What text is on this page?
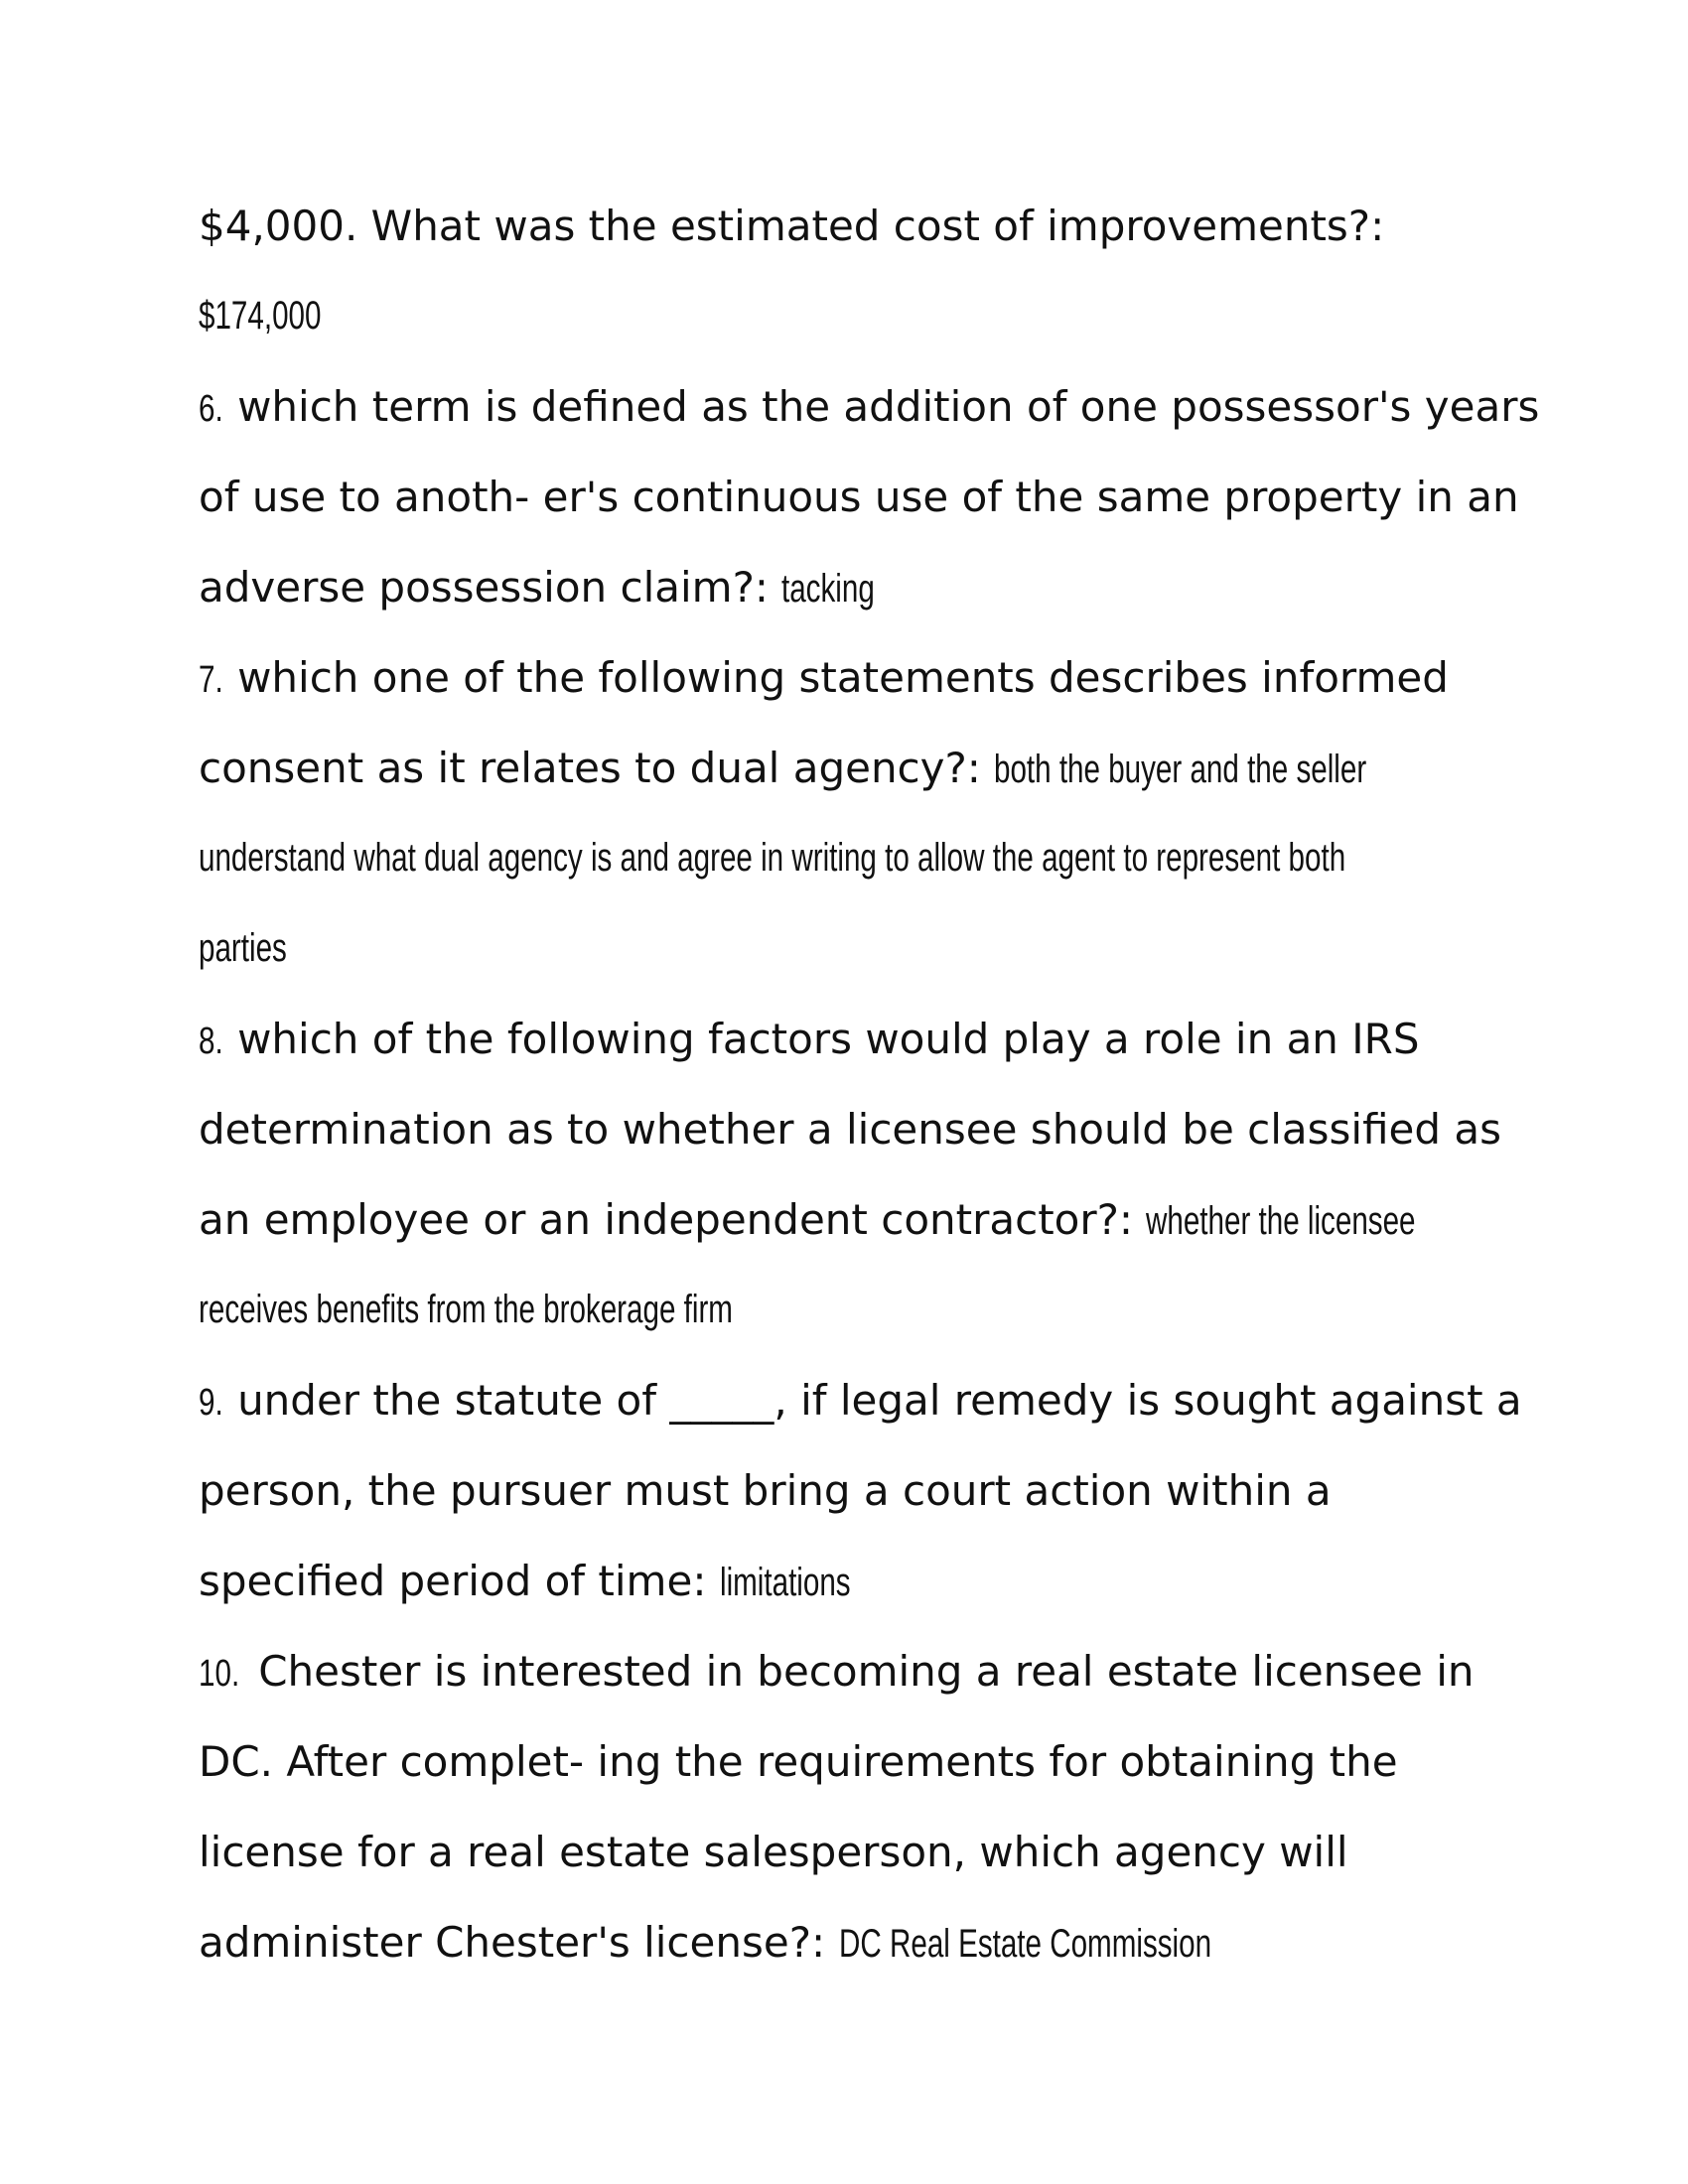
$4,000. What was the estimated cost of improvements?:
$174,000
6. which term is defined as the addition of one possessor's years
of use to anoth- er's continuous use of the same property in an
adverse possession claim?: tacking
7. which one of the following statements describes informed
consent as it relates to dual agency?: both the buyer and the seller
understand what dual agency is and agree in writing to allow the agent to represent both
parties
8. which of the following factors would play a role in an IRS
determination as to whether a licensee should be classified as
an employee or an independent contractor?: whether the licensee
receives benefits from the brokerage firm
9. under the statute of _____, if legal remedy is sought against a
person, the pursuer must bring a court action within a
specified period of time: limitations
10. Chester is interested in becoming a real estate licensee in
DC. After complet- ing the requirements for obtaining the
license for a real estate salesperson, which agency will
administer Chester's license?: DC Real Estate Commission
